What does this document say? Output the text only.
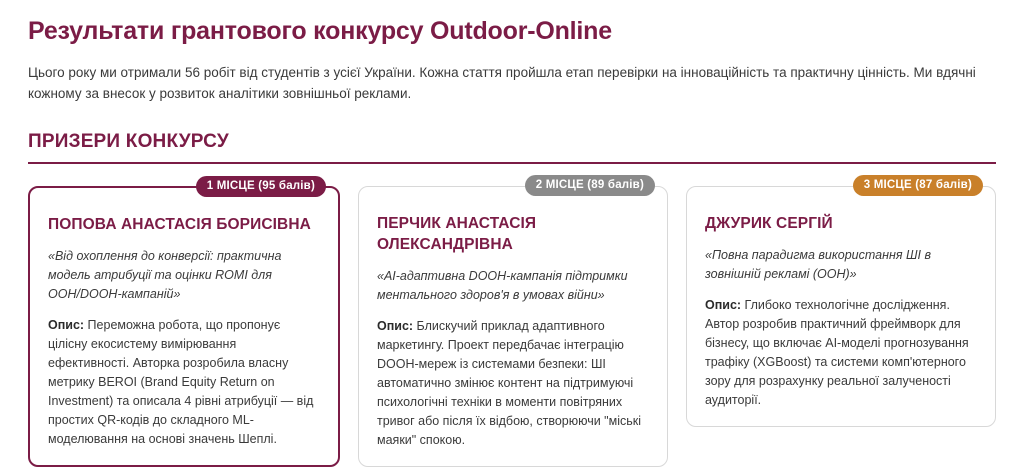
Результати грантового конкурсу Outdoor-Online

Цього року ми отримали 56 робіт від студентів з усієї України. Кожна стаття пройшла етап перевірки на інноваційність та практичну цінність. Ми вдячні кожному за внесок у розвиток аналітики зовнішньої реклами.

ПРИЗЕРИ КОНКУРСУ
1 МІСЦЕ (95 балів)
ПОПОВА АНАСТАСІЯ БОРИСІВНА

«Від охоплення до конверсії: практична модель атрибуції та оцінки ROMI для OOH/DOOH-кампаній»

Опис: Переможна робота, що пропонує цілісну екосистему вимірювання ефективності. Авторка розробила власну метрику BEROI (Brand Equity Return on Investment) та описала 4 рівні атрибуції — від простих QR-кодів до складного ML-моделювання на основі значень Шеплі.

2 МІСЦЕ (89 балів)
ПЕРЧИК АНАСТАСІЯ ОЛЕКСАНДРІВНА

«AI-адаптивна DOOH-кампанія підтримки ментального здоров'я в умовах війни»

Опис: Блискучий приклад адаптивного маркетингу. Проект передбачає інтеграцію DOOH-мереж із системами безпеки: ШІ автоматично змінює контент на підтримуючі психологічні техніки в моменти повітряних тривог або після їх відбою, створюючи "міські маяки" спокою.

3 МІСЦЕ (87 балів)
ДЖУРИК СЕРГІЙ

«Повна парадигма використання ШІ в зовнішній рекламі (OOH)»

Опис: Глибоко технологічне дослідження. Автор розробив практичний фреймворк для бізнесу, що включає AI-моделі прогнозування трафіку (XGBoost) та системи комп'ютерного зору для розрахунку реальної залученості аудиторії.
